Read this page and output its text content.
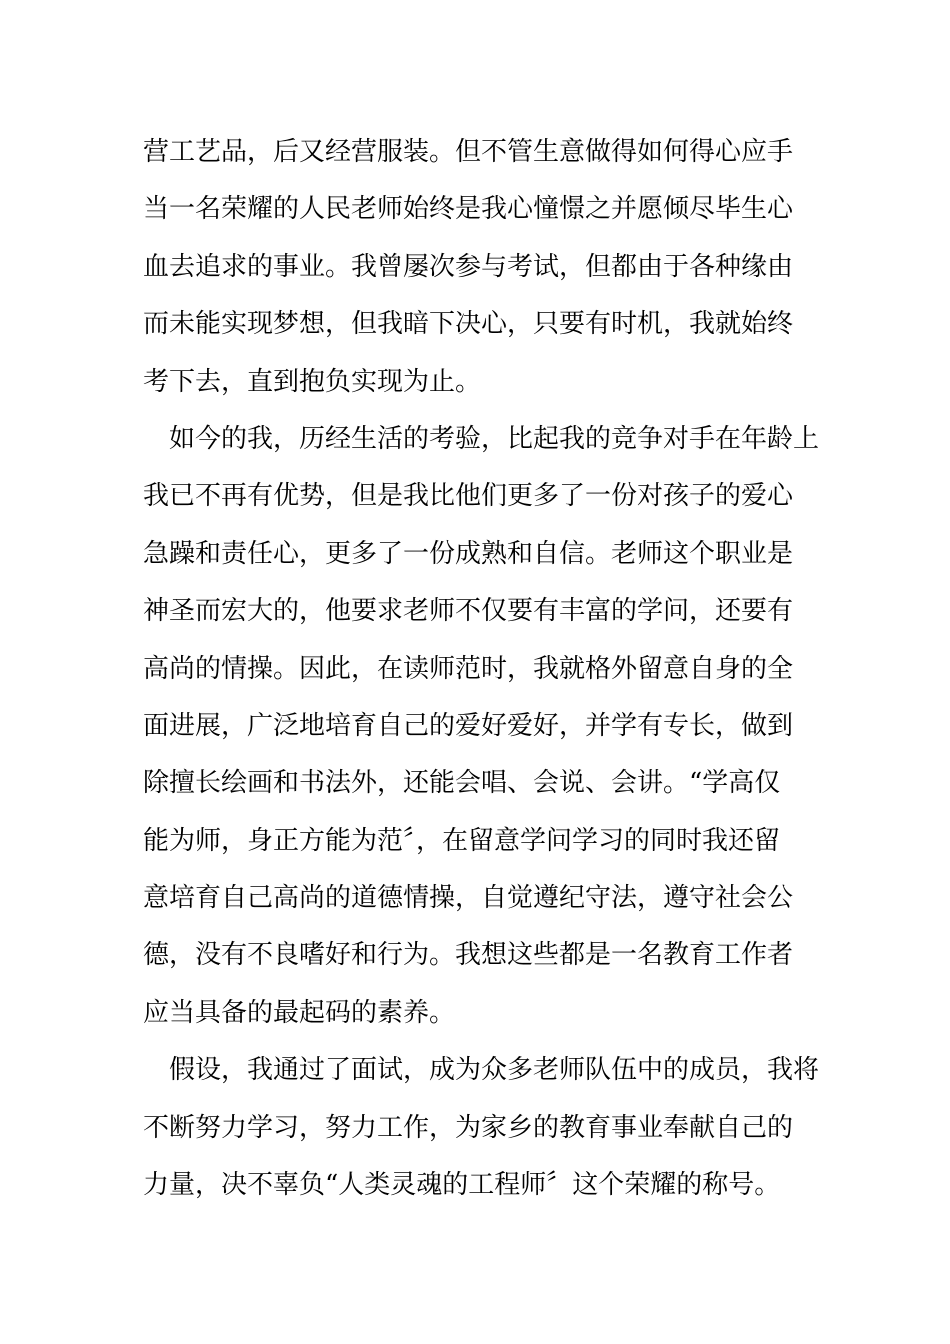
营工艺品，后又经营服装。但不管生意做得如何得心应手
当一名荣耀的人民老师始终是我心憧憬之并愿倾尽毕生心
血去追求的事业。我曾屡次参与考试，但都由于各种缘由
而未能实现梦想，但我暗下决心，只要有时机，我就始终
考下去，直到抱负实现为止。
如今的我，历经生活的考验，比起我的竞争对手在年龄上
我已不再有优势，但是我比他们更多了一份对孩子的爱心
急躁和责任心，更多了一份成熟和自信。老师这个职业是
神圣而宏大的，他要求老师不仅要有丰富的学问，还要有
高尚的情操。因此，在读师范时，我就格外留意自身的全
面进展，广泛地培育自己的爱好爱好，并学有专长，做到
除擅长绘画和书法外，还能会唱、会说、会讲。“学高仅
能为师，身正方能为范〞，在留意学问学习的同时我还留
意培育自己高尚的道德情操，自觉遵纪守法，遵守社会公
德，没有不良嗜好和行为。我想这些都是一名教育工作者
应当具备的最起码的素养。
假设，我通过了面试，成为众多老师队伍中的成员，我将
不断努力学习，努力工作，为家乡的教育事业奉献自己的
力量，决不辜负“人类灵魂的工程师〞这个荣耀的称号。
